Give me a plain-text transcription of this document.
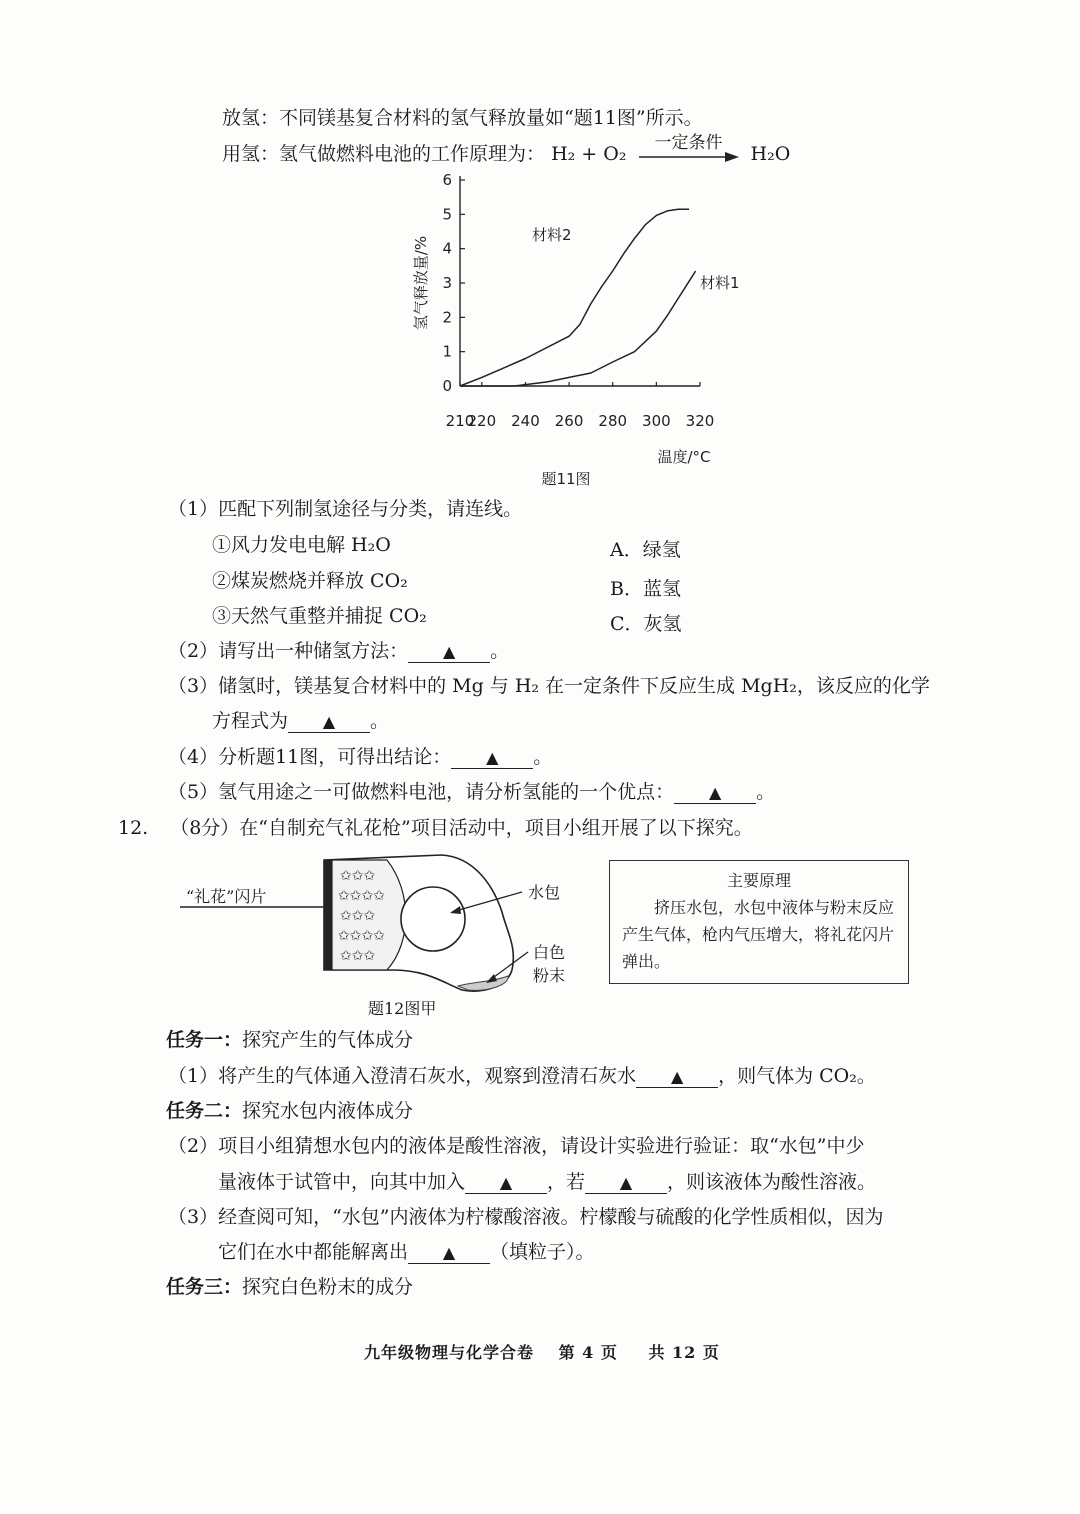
放氢：不同镁基复合材料的氢气释放量如“题11图”所示。
用氢：氢气做燃料电池的工作原理为： H₂ + O₂	一定条件	H₂O
0
1
2
3
4
5
6
210
220 240 260 280 300 320
材料2
材料1
氢气释放量/%
温度/°C
题11图
（1）匹配下列制氢途径与分类，请连线。
①风力发电电解 H₂O
②煤炭燃烧并释放 CO₂
③天然气重整并捕捉 CO₂
A．绿氢
B．蓝氢
C．灰氢
（2）请写出一种储氢方法： ▲ 。
（3）储氢时，镁基复合材料中的 Mg 与 H₂ 在一定条件下反应生成 MgH₂，该反应的化学
方程式为 ▲ 。
（4）分析题11图，可得出结论： ▲ 。
（5）氢气用途之一可做燃料电池，请分析氢能的一个优点： ▲ 。
12. （8分）在“自制充气礼花枪”项目活动中，项目小组开展了以下探究。
✩✩✩
✩✩✩✩
✩✩✩
✩✩✩✩
✩✩✩
“礼花”闪片	水包
白色
粉末
题12图甲
主要原理
挤压水包，水包中液体与粉末反应产生气体，枪内气压增大，将礼花闪片弹出。
任务一：探究产生的气体成分
（1）将产生的气体通入澄清石灰水，观察到澄清石灰水 ▲ ，则气体为 CO₂。
任务二：探究水包内液体成分
（2）项目小组猜想水包内的液体是酸性溶液，请设计实验进行验证：取“水包”中少
量液体于试管中，向其中加入 ▲ ，若 ▲ ，则该液体为酸性溶液。
（3）经查阅可知，“水包”内液体为柠檬酸溶液。柠檬酸与硫酸的化学性质相似，因为
它们在水中都能解离出 ▲ （填粒子）。
任务三：探究白色粉末的成分
九年级物理与化学合卷 第 4 页 共 12 页
